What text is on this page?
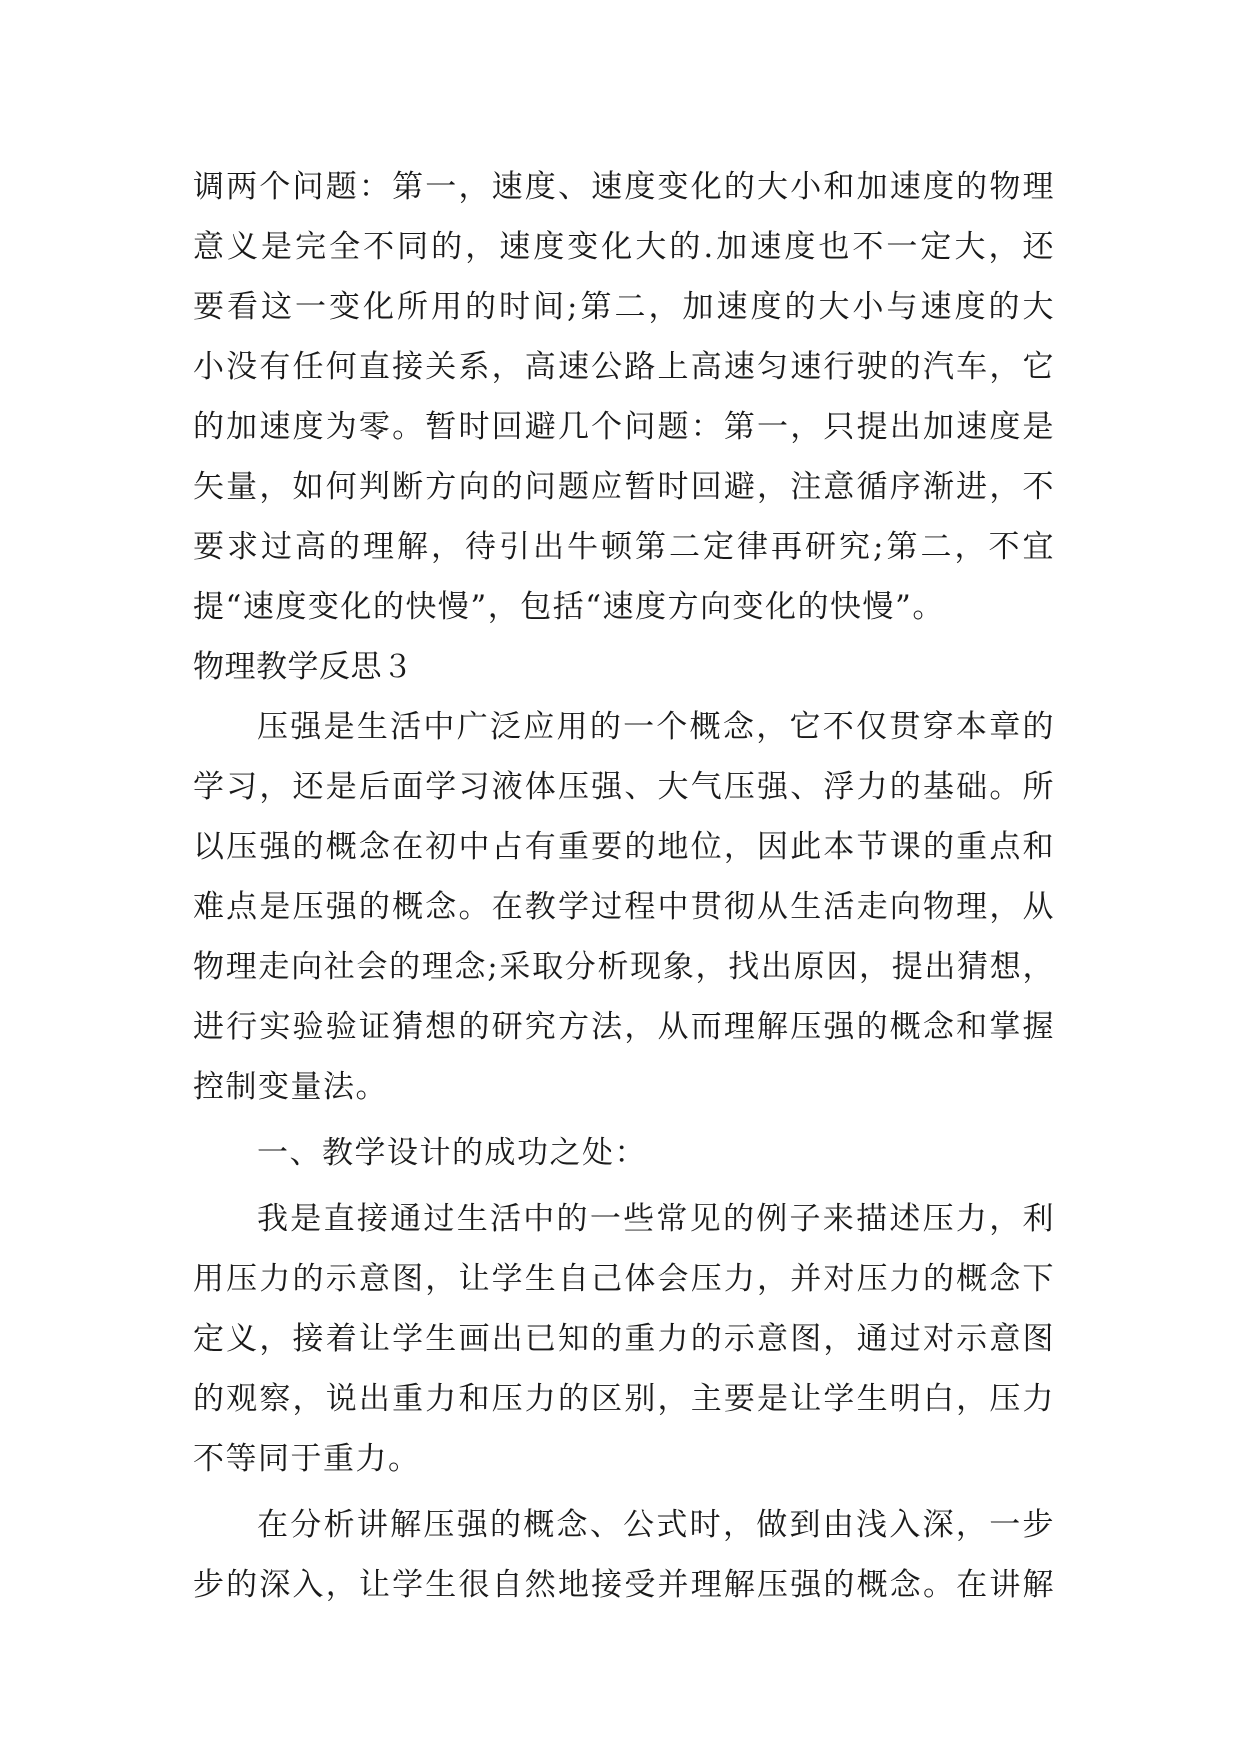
调两个问题：第一，速度、速度变化的大小和加速度的物理
意义是完全不同的，速度变化大的.加速度也不一定大，还
要看这一变化所用的时间;第二，加速度的大小与速度的大
小没有任何直接关系，高速公路上高速匀速行驶的汽车，它
的加速度为零。暂时回避几个问题：第一，只提出加速度是
矢量，如何判断方向的问题应暂时回避，注意循序渐进，不
要求过高的理解，待引出牛顿第二定律再研究;第二，不宜
提“速度变化的快慢”，包括“速度方向变化的快慢”。
物理教学反思３
压强是生活中广泛应用的一个概念，它不仅贯穿本章的
学习，还是后面学习液体压强、大气压强、浮力的基础。所
以压强的概念在初中占有重要的地位，因此本节课的重点和
难点是压强的概念。在教学过程中贯彻从生活走向物理，从
物理走向社会的理念;采取分析现象，找出原因，提出猜想，
进行实验验证猜想的研究方法，从而理解压强的概念和掌握
控制变量法。
一、教学设计的成功之处：
我是直接通过生活中的一些常见的例子来描述压力，利
用压力的示意图，让学生自己体会压力，并对压力的概念下
定义，接着让学生画出已知的重力的示意图，通过对示意图
的观察，说出重力和压力的区别，主要是让学生明白，压力
不等同于重力。
在分析讲解压强的概念、公式时，做到由浅入深，一步
步的深入，让学生很自然地接受并理解压强的概念。在讲解
